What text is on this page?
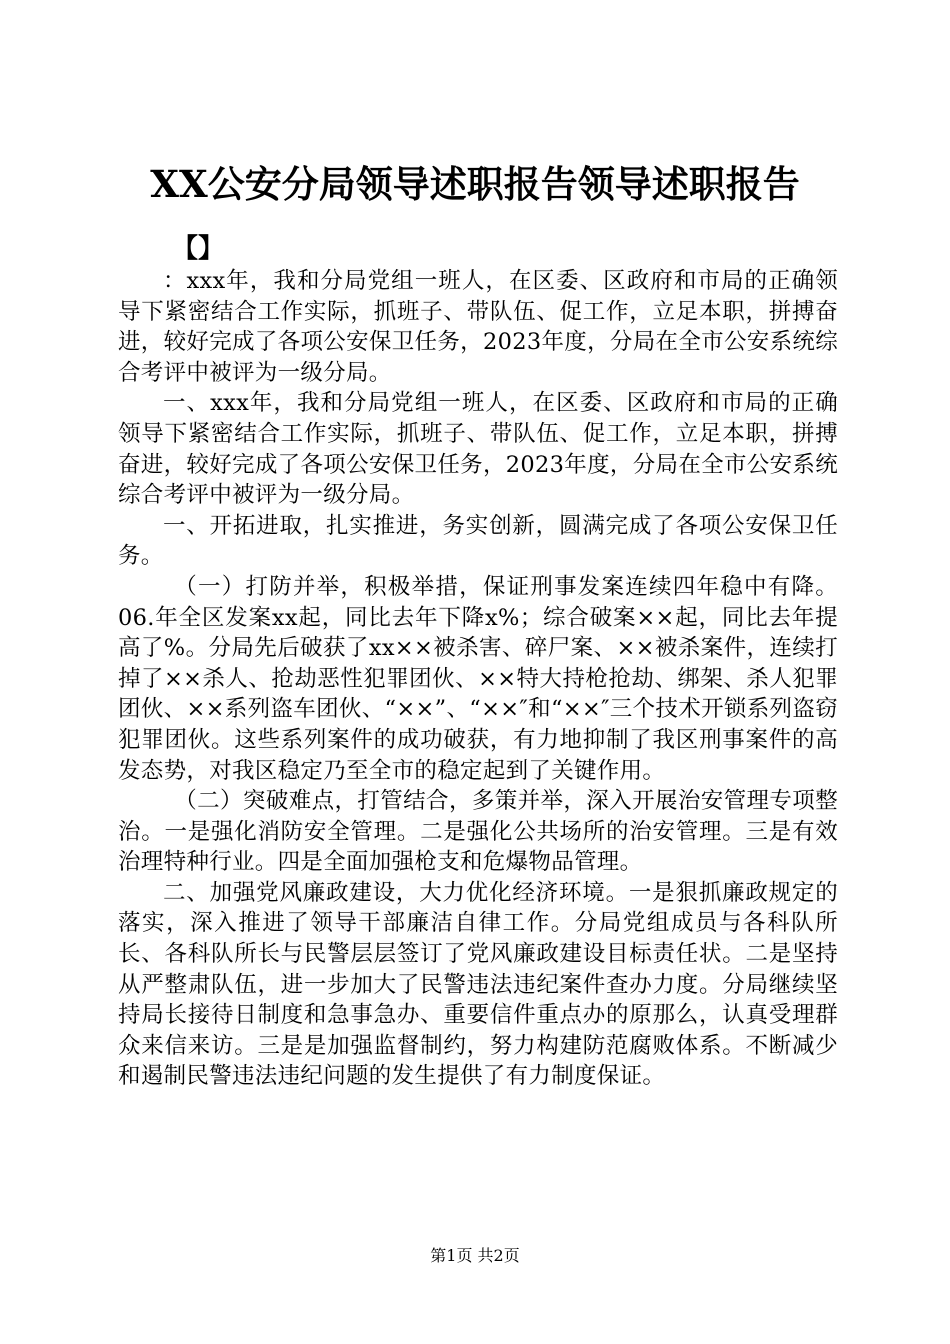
XX公安分局领导述职报告领导述职报告
【】

：xxx年，我和分局党组一班人，在区委、区政府和市局的正确领导下紧密结合工作实际，抓班子、带队伍、促工作，立足本职，拼搏奋进，较好完成了各项公安保卫任务，2023年度，分局在全市公安系统综合考评中被评为一级分局。

一、xxx年，我和分局党组一班人，在区委、区政府和市局的正确领导下紧密结合工作实际，抓班子、带队伍、促工作，立足本职，拼搏奋进，较好完成了各项公安保卫任务，2023年度，分局在全市公安系统综合考评中被评为一级分局。

一、开拓进取，扎实推进，务实创新，圆满完成了各项公安保卫任务。

（一）打防并举，积极举措，保证刑事发案连续四年稳中有降。06.年全区发案xx起，同比去年下降x%；综合破案××起，同比去年提高了%。分局先后破获了xx××被杀害、碎尸案、××被杀案件，连续打掉了××杀人、抢劫恶性犯罪团伙、××特大持枪抢劫、绑架、杀人犯罪团伙、××系列盗车团伙、“××”、“××″和“××″三个技术开锁系列盗窃犯罪团伙。这些系列案件的成功破获，有力地抑制了我区刑事案件的高发态势，对我区稳定乃至全市的稳定起到了关键作用。

（二）突破难点，打管结合，多策并举，深入开展治安管理专项整治。一是强化消防安全管理。二是强化公共场所的治安管理。三是有效治理特种行业。四是全面加强枪支和危爆物品管理。

二、加强党风廉政建设，大力优化经济环境。一是狠抓廉政规定的落实，深入推进了领导干部廉洁自律工作。分局党组成员与各科队所长、各科队所长与民警层层签订了党风廉政建设目标责任状。二是坚持从严整肃队伍，进一步加大了民警违法违纪案件查办力度。分局继续坚持局长接待日制度和急事急办、重要信件重点办的原那么，认真受理群众来信来访。三是是加强监督制约，努力构建防范腐败体系。不断减少和遏制民警违法违纪问题的发生提供了有力制度保证。

第1页 共2页
